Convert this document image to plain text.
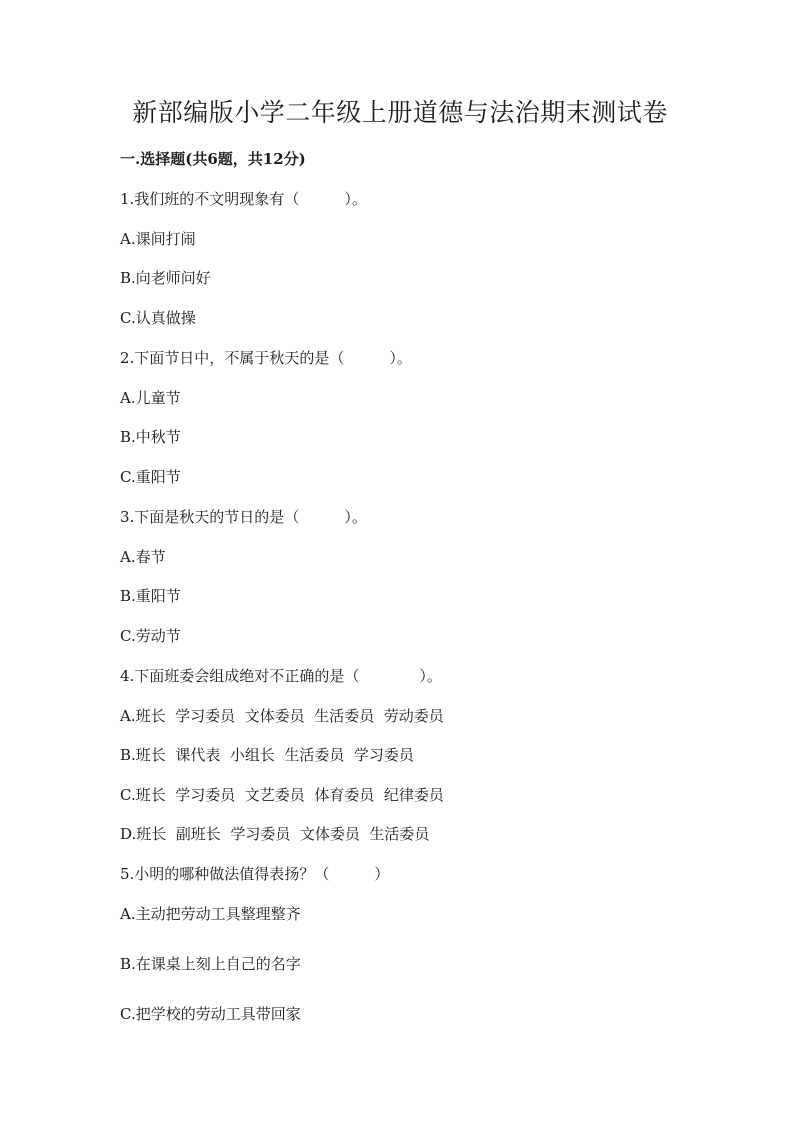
新部编版小学二年级上册道德与法治期末测试卷
一.选择题(共6题，共12分)
1.我们班的不文明现象有（　　　）。
A.课间打闹
B.向老师问好
C.认真做操
2.下面节日中，不属于秋天的是（　　　）。
A.儿童节
B.中秋节
C.重阳节
3.下面是秋天的节日的是（　　　）。
A.春节
B.重阳节
C.劳动节
4.下面班委会组成绝对不正确的是（　　　　）。
A.班长  学习委员  文体委员  生活委员  劳动委员
B.班长  课代表  小组长  生活委员  学习委员
C.班长  学习委员  文艺委员  体育委员  纪律委员
D.班长  副班长  学习委员  文体委员  生活委员
5.小明的哪种做法值得表扬？（　　　）
A.主动把劳动工具整理整齐
B.在课桌上刻上自己的名字
C.把学校的劳动工具带回家
